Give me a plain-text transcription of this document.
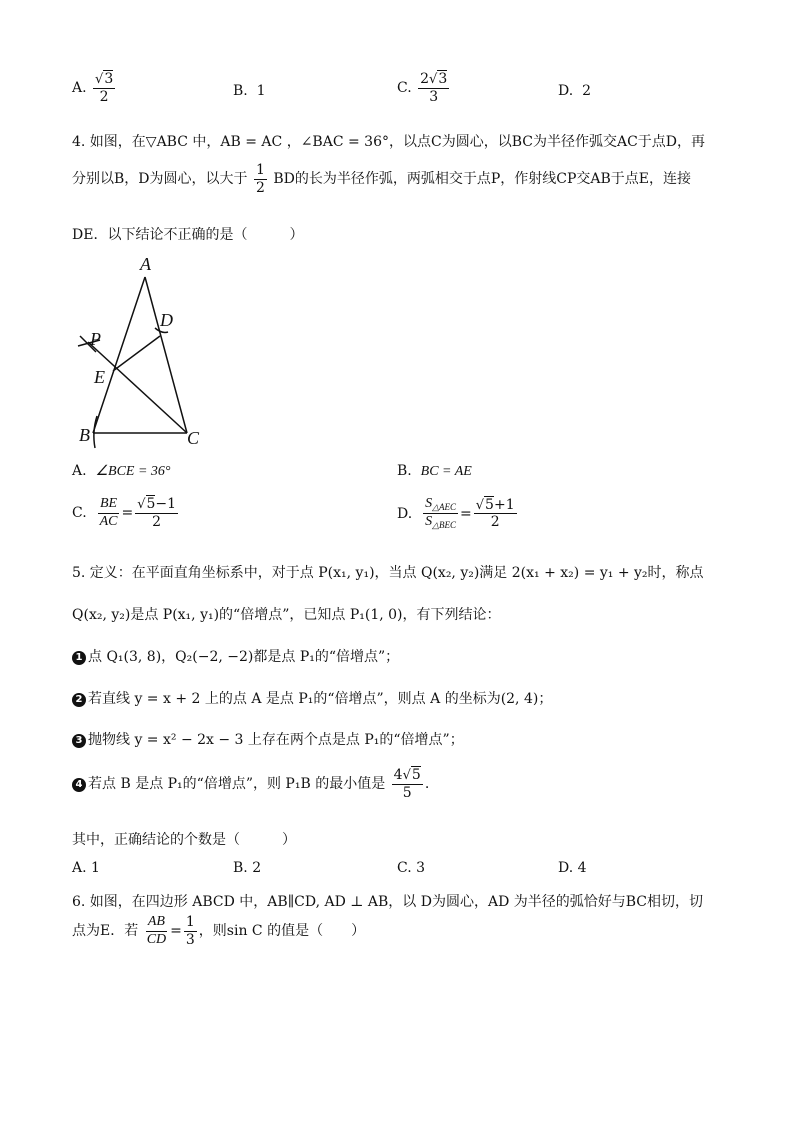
A. $\frac{√3}{2}$	B. 1	C. $\frac{2√3}{3}$	D. 2
4. 如图，在▽ABC 中，AB = AC ，∠BAC = 36°，以点C为圆心，以BC为半径作弧交AC于点D，再
分别以B，D为圆心，以大于 $\frac{1}{2}$ BD的长为半径作弧，两弧相交于点P，作射线CP交AB于点E，连接
DE．以下结论不正确的是（　　　）
A
D
P
E
B	C
A. ∠BCE = 36°	B. BC = AE
C. $\frac{BE}{AC} = \frac{√5-1}{2}$	D. $\frac{S_{\triangle AEC}}{S_{\triangle BEC}} = \frac{√5+1}{2}$
5. 定义：在平面直角坐标系中，对于点 P(x₁, y₁)，当点 Q(x₂, y₂)满足 2(x₁ + x₂) = y₁ + y₂时，称点
Q(x₂, y₂)是点 P(x₁, y₁)的“倍增点”，已知点 P₁(1, 0)，有下列结论：
1 点 Q₁(3, 8)，Q₂(−2, −2)都是点 P₁的“倍增点”；
2 若直线 y = x + 2 上的点 A 是点 P₁的“倍增点”，则点 A 的坐标为(2, 4)；
3 抛物线 y = x² − 2x − 3 上存在两个点是点 P₁的“倍增点”；
4 若点 B 是点 P₁的“倍增点”，则 P₁B 的最小值是 $\frac{4√5}{5}$ .
其中，正确结论的个数是（　　　）
A. 1	B. 2	C. 3	D. 4
6. 如图，在四边形 ABCD 中，AB∥CD, AD ⊥ AB，以 D为圆心，AD 为半径的弧恰好与BC相切，切
点为E．若 $\frac{AB}{CD} = \frac{1}{3}$ ，则sin C 的值是（　　）
